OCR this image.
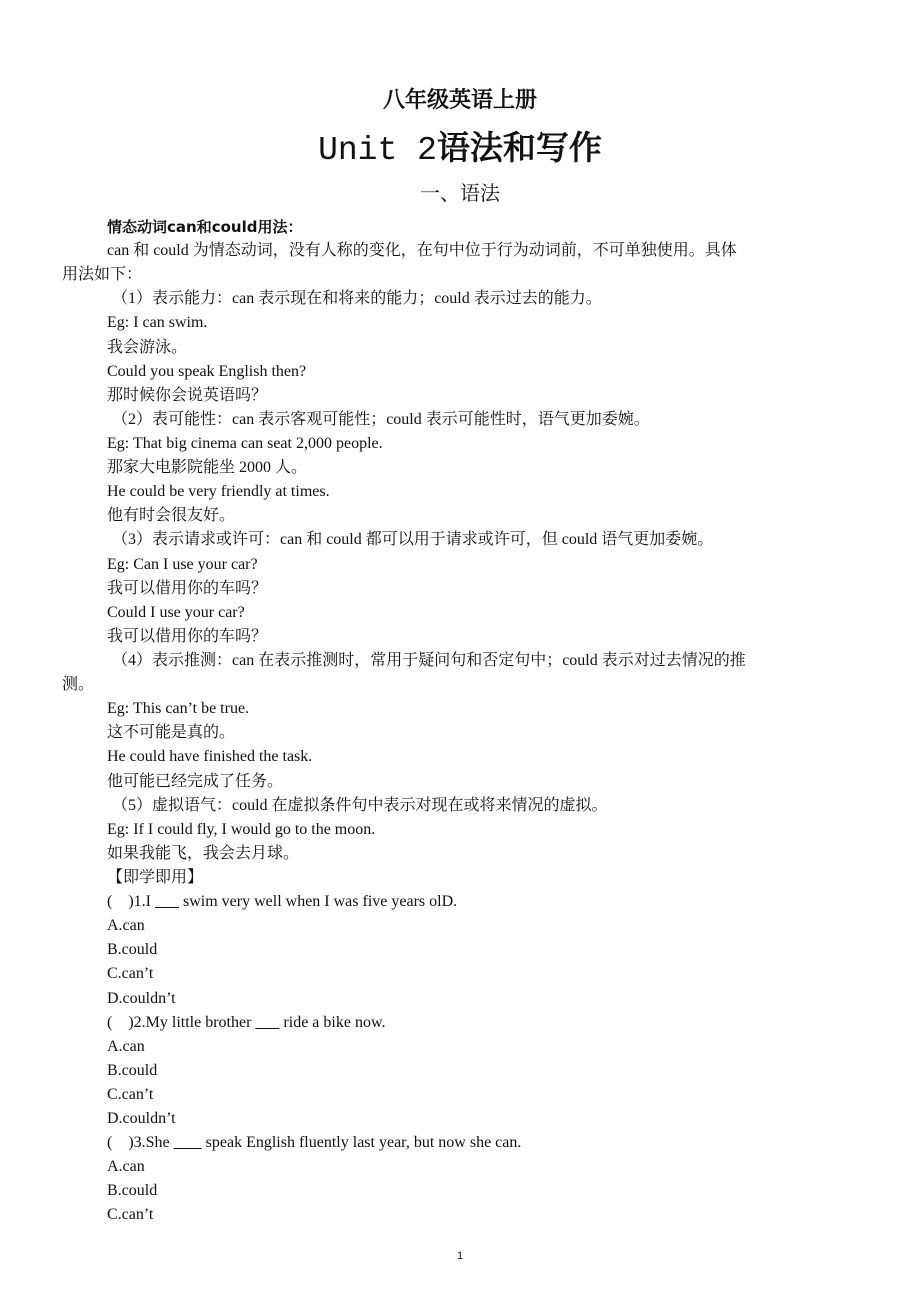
八年级英语上册
Unit 2语法和写作
一、语法
情态动词can和could用法：
can 和 could 为情态动词，没有人称的变化，在句中位于行为动词前，不可单独使用。具体
用法如下：
（1）表示能力：can 表示现在和将来的能力；could 表示过去的能力。
Eg: I can swim.
我会游泳。
Could you speak English then?
那时候你会说英语吗？
（2）表可能性：can 表示客观可能性；could 表示可能性时，语气更加委婉。
Eg: That big cinema can seat 2,000 people.
那家大电影院能坐 2000 人。
He could be very friendly at times.
他有时会很友好。
（3）表示请求或许可：can 和 could 都可以用于请求或许可，但 could 语气更加委婉。
Eg: Can I use your car?
我可以借用你的车吗？
Could I use your car?
我可以借用你的车吗？
（4）表示推测：can 在表示推测时，常用于疑问句和否定句中；could 表示对过去情况的推
测。
Eg: This can’t be true.
这不可能是真的。
He could have finished the task.
他可能已经完成了任务。
（5）虚拟语气：could 在虚拟条件句中表示对现在或将来情况的虚拟。
Eg: If I could fly, I would go to the moon.
如果我能飞，我会去月球。
【即学即用】
(    )1.I        swim very well when I was five years olD.
A.can
B.could
C.can’t
D.couldn’t
(    )2.My little brother        ride a bike now.
A.can
B.could
C.can’t
D.couldn’t
(    )3.She         speak English fluently last year, but now she can.
A.can
B.could
C.can’t
1
